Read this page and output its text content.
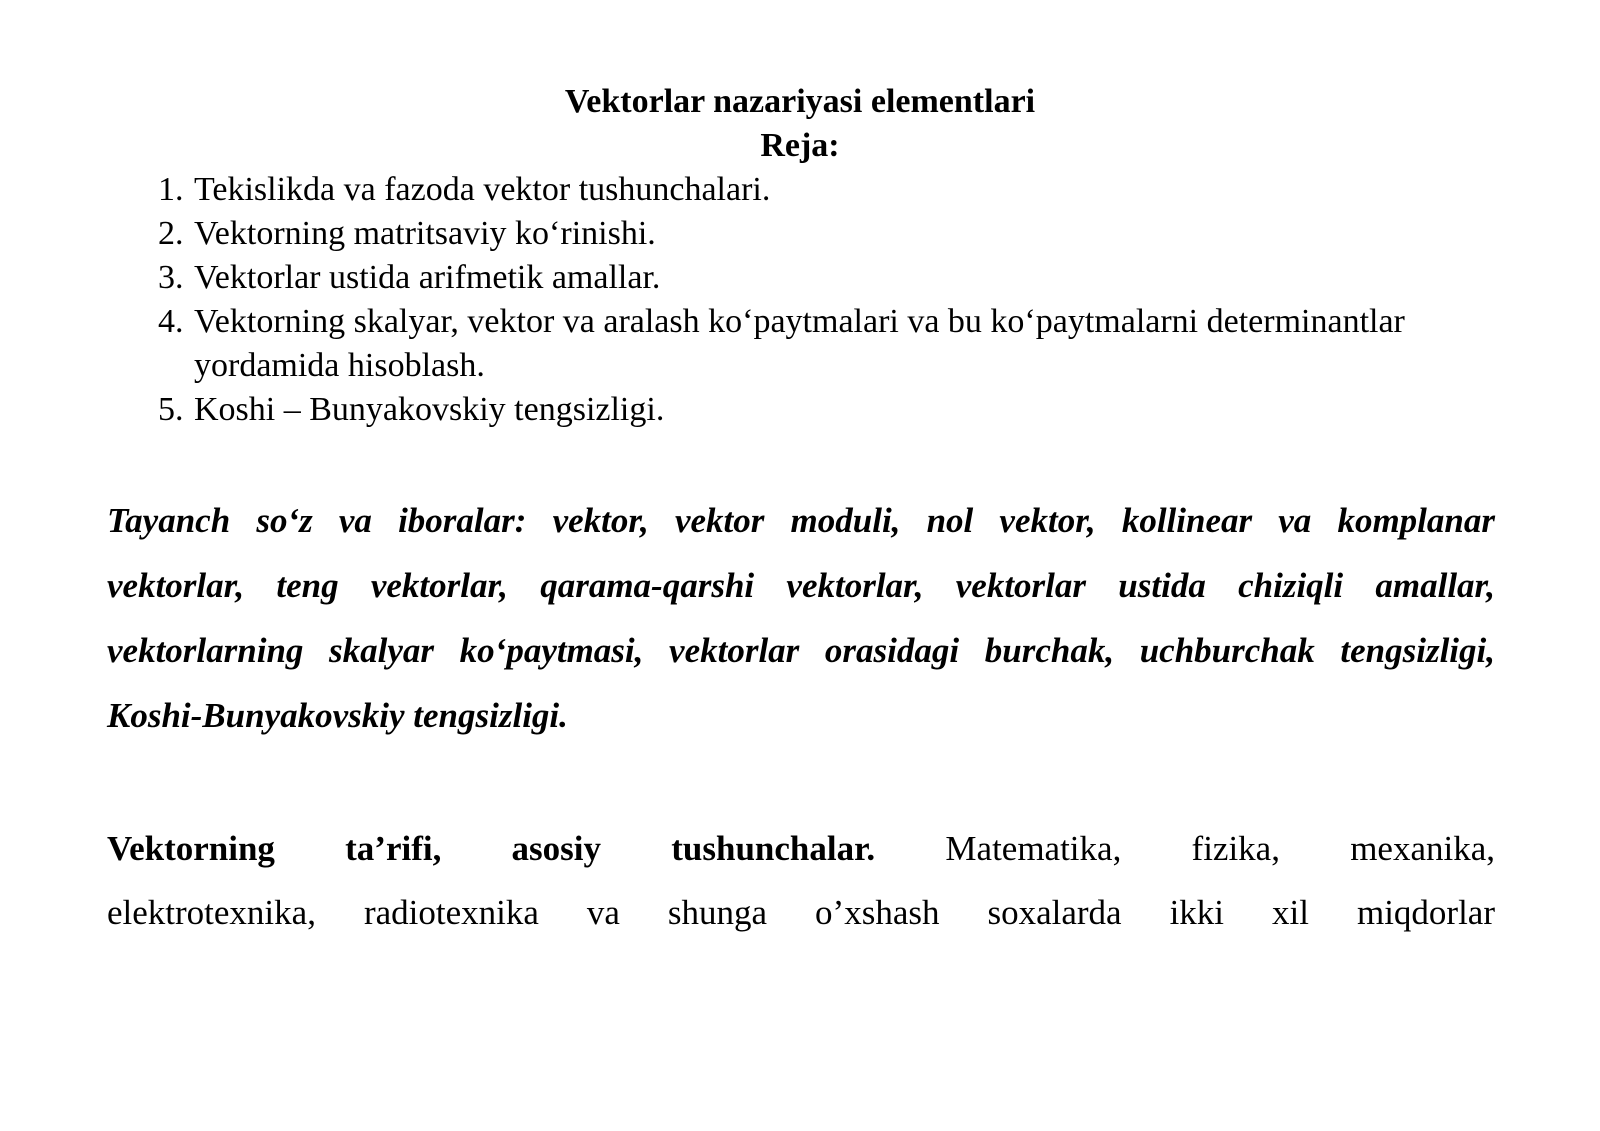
Vektorlar nazariyasi elementlari
Reja:
1. Tekislikda va fazoda vektor tushunchalari.
2. Vektorning matritsaviy ko‘rinishi.
3. Vektorlar ustida arifmetik amallar.
4. Vektorning skalyar, vektor va aralash ko‘paytmalari va bu ko‘paytmalarni determinantlar yordamida hisoblash.
5. Koshi – Bunyakovskiy tengsizligi.
Tayanch so‘z va iboralar: vektor, vektor moduli, nol vektor, kollinear va komplanar
vektorlar, teng vektorlar, qarama-qarshi vektorlar, vektorlar ustida chiziqli amallar,
vektorlarning skalyar ko‘paytmasi, vektorlar orasidagi burchak, uchburchak tengsizligi,
Koshi-Bunyakovskiy tengsizligi.
Vektorning ta’rifi, asosiy tushunchalar. Matematika, fizika, mexanika,
elektrotexnika, radiotexnika va shunga o’xshash soxalarda ikki xil miqdorlar
